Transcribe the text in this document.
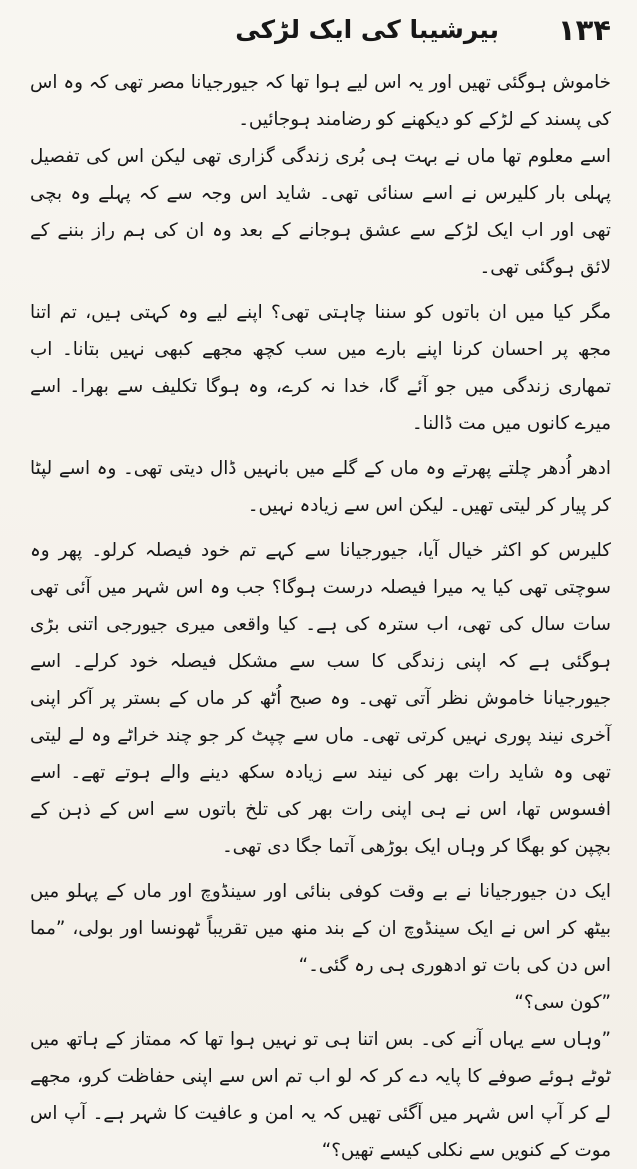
۱۳۴
بیرشیبا کی ایک لڑکی

خاموش ہوگئی تھیں اور یہ اس لیے ہوا تھا کہ جیورجیانا مصر تھی کہ وہ اس کی پسند کے لڑکے کو دیکھنے کو رضامند ہوجائیں۔

اسے معلوم تھا ماں نے بہت ہی بُری زندگی گزاری تھی لیکن اس کی تفصیل پہلی بار کلیرس نے اسے سنائی تھی۔ شاید اس وجہ سے کہ پہلے وہ بچی تھی اور اب ایک لڑکے سے عشق ہوجانے کے بعد وہ ان کی ہم راز بننے کے لائق ہوگئی تھی۔

مگر کیا میں ان باتوں کو سننا چاہتی تھی؟ اپنے لیے وہ کہتی ہیں، تم اتنا مجھ پر احسان کرنا اپنے بارے میں سب کچھ مجھے کبھی نہیں بتانا۔ اب تمھاری زندگی میں جو آئے گا، خدا نہ کرے، وہ ہوگا تکلیف سے بھرا۔ اسے میرے کانوں میں مت ڈالنا۔

ادھر اُدھر چلتے پھرتے وہ ماں کے گلے میں بانہیں ڈال دیتی تھی۔ وہ اسے لپٹا کر پیار کر لیتی تھیں۔ لیکن اس سے زیادہ نہیں۔

کلیرس کو اکثر خیال آیا، جیورجیانا سے کہے تم خود فیصلہ کرلو۔ پھر وہ سوچتی تھی کیا یہ میرا فیصلہ درست ہوگا؟ جب وہ اس شہر میں آئی تھی سات سال کی تھی، اب سترہ کی ہے۔ کیا واقعی میری جیورجی اتنی بڑی ہوگئی ہے کہ اپنی زندگی کا سب سے مشکل فیصلہ خود کرلے۔ اسے جیورجیانا خاموش نظر آتی تھی۔ وہ صبح اُٹھ کر ماں کے بستر پر آکر اپنی آخری نیند پوری نہیں کرتی تھی۔ ماں سے چپٹ کر جو چند خراٹے وہ لے لیتی تھی وہ شاید رات بھر کی نیند سے زیادہ سکھ دینے والے ہوتے تھے۔ اسے افسوس تھا، اس نے ہی اپنی رات بھر کی تلخ باتوں سے اس کے ذہن کے بچپن کو بھگا کر وہاں ایک بوڑھی آتما جگا دی تھی۔

ایک دن جیورجیانا نے بے وقت کوفی بنائی اور سینڈوچ اور ماں کے پہلو میں بیٹھ کر اس نے ایک سینڈوچ ان کے بند منھ میں تقریباً ٹھونسا اور بولی، ”مما اس دن کی بات تو ادھوری ہی رہ گئی۔“

”کون سی؟“

”وہاں سے یہاں آنے کی۔ بس اتنا ہی تو نہیں ہوا تھا کہ ممتاز کے ہاتھ میں ٹوٹے ہوئے صوفے کا پایہ دے کر کہ لو اب تم اس سے اپنی حفاظت کرو، مجھے لے کر آپ اس شہر میں آگئی تھیں کہ یہ امن و عافیت کا شہر ہے۔ آپ اس موت کے کنویں سے نکلی کیسے تھیں؟“
